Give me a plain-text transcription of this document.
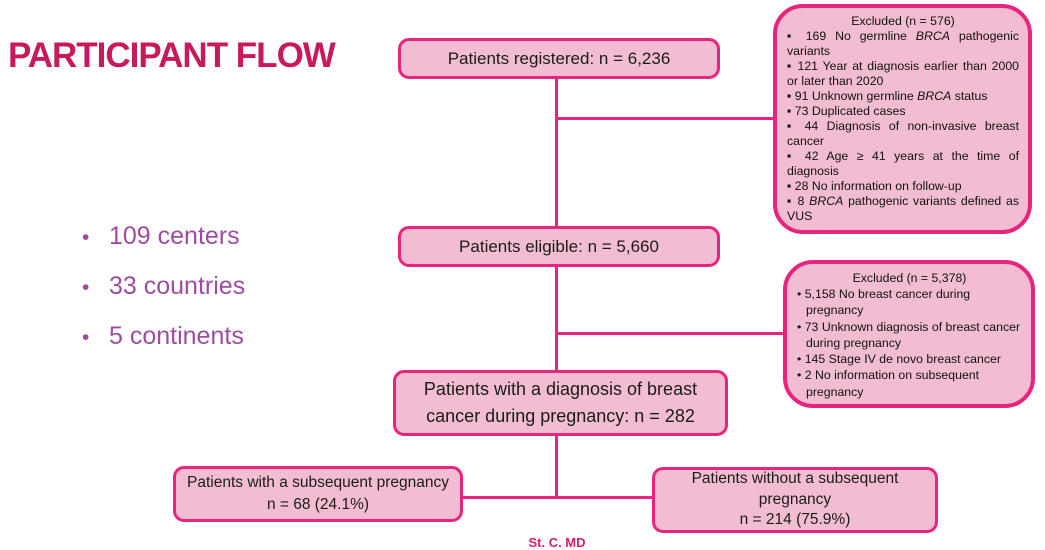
PARTICIPANT FLOW
• 109 centers
• 33 countries
• 5 continents
Patients registered: n = 6,236
Patients eligible: n = 5,660
Patients with a diagnosis of breast
cancer during pregnancy: n = 282
Patients with a subsequent pregnancy
n = 68 (24.1%)
Patients without a subsequent
pregnancy
n = 214 (75.9%)
Excluded (n = 576)
▪ 169 No germline BRCA pathogenic variants
▪ 121 Year at diagnosis earlier than 2000 or later than 2020
▪ 91 Unknown germline BRCA status
▪ 73 Duplicated cases
▪ 44 Diagnosis of non-invasive breast cancer
▪ 42 Age ≥ 41 years at the time of diagnosis
▪ 28 No information on follow-up
▪ 8 BRCA pathogenic variants defined as VUS
Excluded (n = 5,378)
• 5,158 No breast cancer during pregnancy
• 73 Unknown diagnosis of breast cancer during pregnancy
• 145 Stage IV de novo breast cancer
• 2 No information on subsequent pregnancy
St. C. MD
